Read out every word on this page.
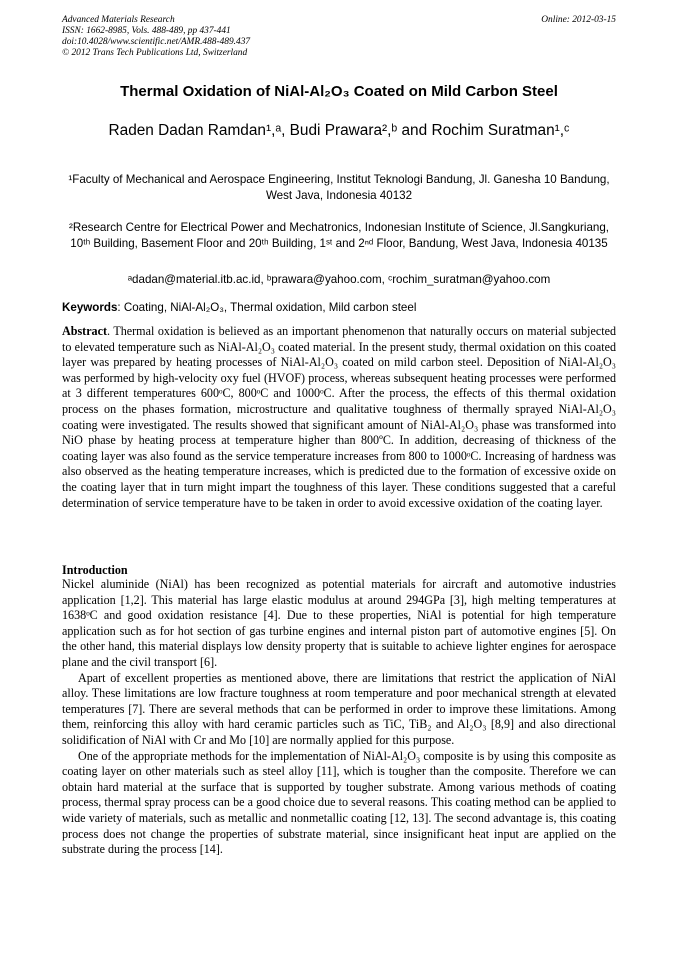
Advanced Materials Research
ISSN: 1662-8985, Vols. 488-489, pp 437-441
doi:10.4028/www.scientific.net/AMR.488-489.437
© 2012 Trans Tech Publications Ltd, Switzerland
Online: 2012-03-15
Thermal Oxidation of NiAl-Al₂O₃ Coated on Mild Carbon Steel
Raden Dadan Ramdan¹,ᵃ, Budi Prawara²,ᵇ and Rochim Suratman¹,ᶜ
¹Faculty of Mechanical and Aerospace Engineering, Institut Teknologi Bandung, Jl. Ganesha 10 Bandung, West Java, Indonesia 40132
²Research Centre for Electrical Power and Mechatronics, Indonesian Institute of Science, Jl.Sangkuriang, 10ᵗʰ Building, Basement Floor and 20ᵗʰ Building, 1ˢᵗ and 2ⁿᵈ Floor, Bandung, West Java, Indonesia 40135
ᵃdadan@material.itb.ac.id, ᵇprawara@yahoo.com, ᶜrochim_suratman@yahoo.com
Keywords: Coating, NiAl-Al₂O₃, Thermal oxidation, Mild carbon steel

Abstract. Thermal oxidation is believed as an important phenomenon that naturally occurs on material subjected to elevated temperature such as NiAl-Al₂O₃ coated material. In the present study, thermal oxidation on this coated layer was prepared by heating processes of NiAl-Al₂O₃ coated on mild carbon steel. Deposition of NiAl-Al₂O₃ was performed by high-velocity oxy fuel (HVOF) process, whereas subsequent heating processes were performed at 3 different temperatures 600ᵒC, 800ᵒC and 1000ᵒC. After the process, the effects of this thermal oxidation process on the phases formation, microstructure and qualitative toughness of thermally sprayed NiAl-Al₂O₃ coating were investigated. The results showed that significant amount of NiAl-Al₂O₃ phase was transformed into NiO phase by heating process at temperature higher than 800ºC. In addition, decreasing of thickness of the coating layer was also found as the service temperature increases from 800 to 1000ᵒC. Increasing of hardness was also observed as the heating temperature increases, which is predicted due to the formation of excessive oxide on the coating layer that in turn might impart the toughness of this layer. These conditions suggested that a careful determination of service temperature have to be taken in order to avoid excessive oxidation of the coating layer.

Introduction

Nickel aluminide (NiAl) has been recognized as potential materials for aircraft and automotive industries application [1,2]. This material has large elastic modulus at around 294GPa [3], high melting temperatures at 1638ᵒC and good oxidation resistance [4]. Due to these properties, NiAl is potential for high temperature application such as for hot section of gas turbine engines and internal piston part of automotive engines [5]. On the other hand, this material displays low density property that is suitable to achieve lighter engines for aerospace plane and the civil transport [6].

Apart of excellent properties as mentioned above, there are limitations that restrict the application of NiAl alloy. These limitations are low fracture toughness at room temperature and poor mechanical strength at elevated temperatures [7]. There are several methods that can be performed in order to improve these limitations. Among them, reinforcing this alloy with hard ceramic particles such as TiC, TiB₂ and Al₂O₃ [8,9] and also directional solidification of NiAl with Cr and Mo [10] are normally applied for this purpose.

One of the appropriate methods for the implementation of NiAl-Al₂O₃ composite is by using this composite as coating layer on other materials such as steel alloy [11], which is tougher than the composite. Therefore we can obtain hard material at the surface that is supported by tougher substrate. Among various methods of coating process, thermal spray process can be a good choice due to several reasons. This coating method can be applied to wide variety of materials, such as metallic and nonmetallic coating [12, 13]. The second advantage is, this coating process does not change the properties of substrate material, since insignificant heat input are applied on the substrate during the process [14].
